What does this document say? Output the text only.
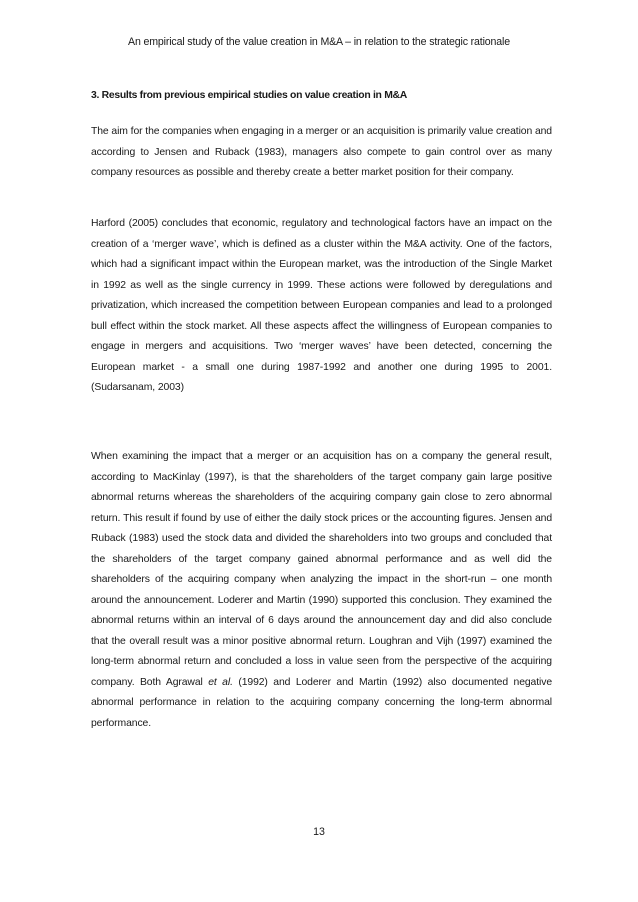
An empirical study of the value creation in M&A – in relation to the strategic rationale
3. Results from previous empirical studies on value creation in M&A

The aim for the companies when engaging in a merger or an acquisition is primarily value creation and according to Jensen and Ruback (1983), managers also compete to gain control over as many company resources as possible and thereby create a better market position for their company.

Harford (2005) concludes that economic, regulatory and technological factors have an impact on the creation of a ‘merger wave’, which is defined as a cluster within the M&A activity. One of the factors, which had a significant impact within the European market, was the introduction of the Single Market in 1992 as well as the single currency in 1999. These actions were followed by deregulations and privatization, which increased the competition between European companies and lead to a prolonged bull effect within the stock market. All these aspects affect the willingness of European companies to engage in mergers and acquisitions. Two ‘merger waves’ have been detected, concerning the European market - a small one during 1987-1992 and another one during 1995 to 2001. (Sudarsanam, 2003)

When examining the impact that a merger or an acquisition has on a company the general result, according to MacKinlay (1997), is that the shareholders of the target company gain large positive abnormal returns whereas the shareholders of the acquiring company gain close to zero abnormal return. This result if found by use of either the daily stock prices or the accounting figures. Jensen and Ruback (1983) used the stock data and divided the shareholders into two groups and concluded that the shareholders of the target company gained abnormal performance and as well did the shareholders of the acquiring company when analyzing the impact in the short-run – one month around the announcement. Loderer and Martin (1990) supported this conclusion. They examined the abnormal returns within an interval of 6 days around the announcement day and did also conclude that the overall result was a minor positive abnormal return. Loughran and Vijh (1997) examined the long-term abnormal return and concluded a loss in value seen from the perspective of the acquiring company. Both Agrawal et al. (1992) and Loderer and Martin (1992) also documented negative abnormal performance in relation to the acquiring company concerning the long-term abnormal performance.

13
